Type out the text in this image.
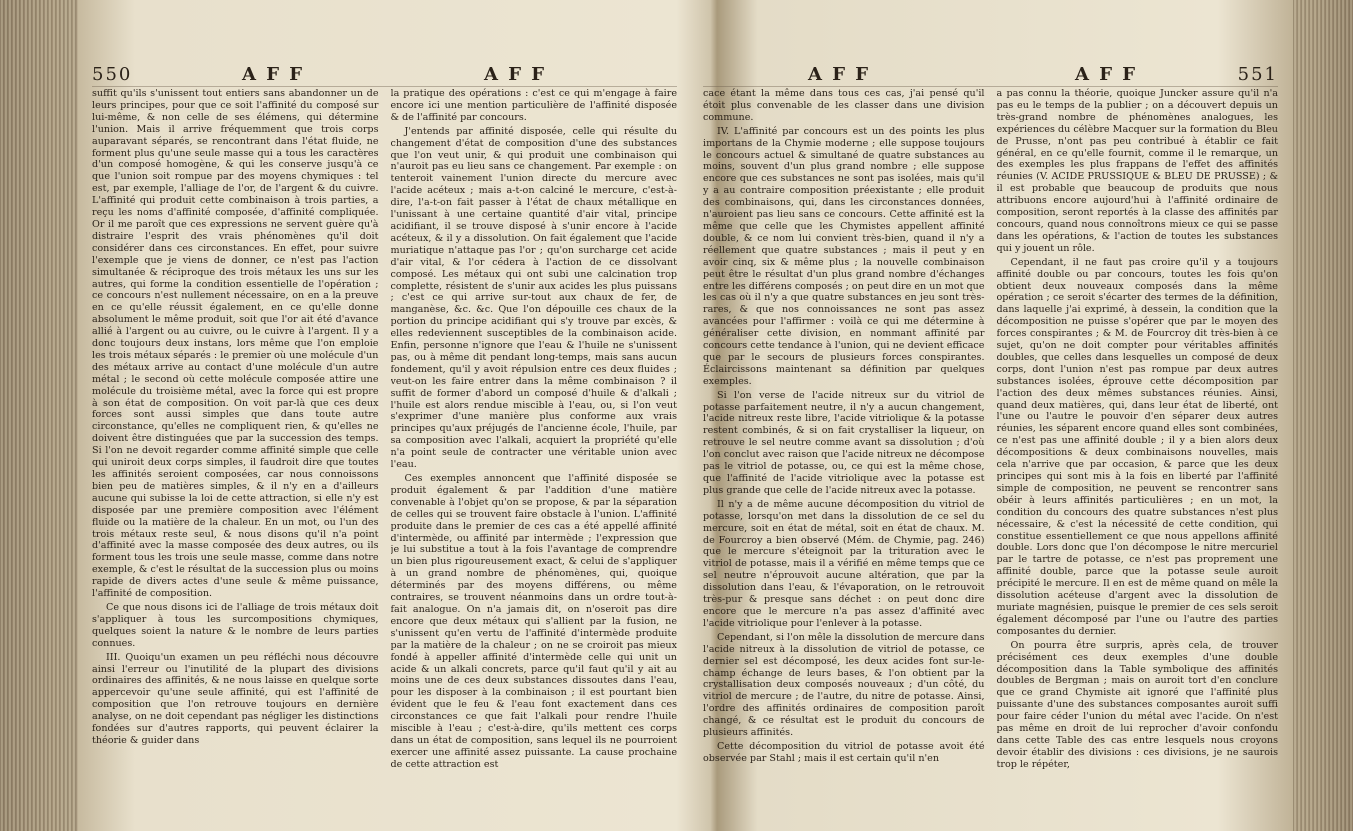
550	A F F	A F F

suffit qu'ils s'unissent tout entiers sans abandonner un de leurs principes, pour que ce soit l'affinité du composé sur lui-même, & non celle de ses élémens, qui détermine l'union. Mais il arrive fréquemment que trois corps auparavant séparés, se rencontrant dans l'état fluide, ne forment plus qu'une seule masse qui a tous les caractères d'un composé homogène, & qui les conserve jusqu'à ce que l'union soit rompue par des moyens chymiques : tel est, par exemple, l'alliage de l'or, de l'argent & du cuivre. L'affinité qui produit cette combinaison à trois parties, a reçu les noms d'affinité composée, d'affinité compliquée. Or il me paroît que ces expressions ne servent guère qu'à distraire l'esprit des vrais phénomènes qu'il doit considérer dans ces circonstances. En effet, pour suivre l'exemple que je viens de donner, ce n'est pas l'action simultanée & réciproque des trois métaux les uns sur les autres, qui forme la condition essentielle de l'opération ; ce concours n'est nullement nécessaire, on en a la preuve en ce qu'elle réussit également, en ce qu'elle donne absolument le même produit, soit que l'or ait été d'avance allié à l'argent ou au cuivre, ou le cuivre à l'argent. Il y a donc toujours deux instans, lors même que l'on emploie les trois métaux séparés : le premier où une molécule d'un des métaux arrive au contact d'une molécule d'un autre métal ; le second où cette molécule composée attire une molécule du troisième métal, avec la force qui est propre à son état de composition. On voit par-là que ces deux forces sont aussi simples que dans toute autre circonstance, qu'elles ne compliquent rien, & qu'elles ne doivent être distinguées que par la succession des temps. Si l'on ne devoit regarder comme affinité simple que celle qui uniroit deux corps simples, il faudroit dire que toutes les affinités seroient composées, car nous connoissons bien peu de matières simples, & il n'y en a d'ailleurs aucune qui subisse la loi de cette attraction, si elle n'y est disposée par une première composition avec l'élément fluide ou la matière de la chaleur. En un mot, ou l'un des trois métaux reste seul, & nous disons qu'il n'a point d'affinité avec la masse composée des deux autres, ou ils forment tous les trois une seule masse, comme dans notre exemple, & c'est le résultat de la succession plus ou moins rapide de divers actes d'une seule & même puissance, l'affinité de composition.

Ce que nous disons ici de l'alliage de trois métaux doit s'appliquer à tous les surcompositions chymiques, quelques soient la nature & le nombre de leurs parties connues.

III. Quoiqu'un examen un peu réfléchi nous découvre ainsi l'erreur ou l'inutilité de la plupart des divisions ordinaires des affinités, & ne nous laisse en quelque sorte appercevoir qu'une seule affinité, qui est l'affinité de composition que l'on retrouve toujours en dernière analyse, on ne doit cependant pas négliger les distinctions fondées sur d'autres rapports, qui peuvent éclairer la théorie & guider dans

la pratique des opérations : c'est ce qui m'engage à faire encore ici une mention particulière de l'affinité disposée & de l'affinité par concours.

J'entends par affinité disposée, celle qui résulte du changement d'état de composition d'une des substances que l'on veut unir, & qui produit une combinaison qui n'auroit pas eu lieu sans ce changement. Par exemple : on tenteroit vainement l'union directe du mercure avec l'acide acéteux ; mais a-t-on calciné le mercure, c'est-à-dire, l'a-t-on fait passer à l'état de chaux métallique en l'unissant à une certaine quantité d'air vital, principe acidifiant, il se trouve disposé à s'unir encore à l'acide acéteux, & il y a dissolution. On fait également que l'acide muriatique n'attaque pas l'or ; qu'on surcharge cet acide d'air vital, & l'or cédera à l'action de ce dissolvant composé. Les métaux qui ont subi une calcination trop complette, résistent de s'unir aux acides les plus puissans ; c'est ce qui arrive sur-tout aux chaux de fer, de manganèse, &c. &c. Que l'on dépouille ces chaux de la portion du principe acidifiant qui s'y trouve par excès, & elles redeviennent susceptibles de la combinaison acide. Enfin, personne n'ignore que l'eau & l'huile ne s'unissent pas, ou à même dit pendant long-temps, mais sans aucun fondement, qu'il y avoit répulsion entre ces deux fluides ; veut-on les faire entrer dans la même combinaison ? il suffit de former d'abord un composé d'huile & d'alkali ; l'huile est alors rendue miscible à l'eau, ou, si l'on veut s'exprimer d'une manière plus conforme aux vrais principes qu'aux préjugés de l'ancienne école, l'huile, par sa composition avec l'alkali, acquiert la propriété qu'elle n'a point seule de contracter une véritable union avec l'eau.

Ces exemples annoncent que l'affinité disposée se produit également & par l'addition d'une matière convenable à l'objet qu'on se propose, & par la séparation de celles qui se trouvent faire obstacle à l'union. L'affinité produite dans le premier de ces cas a été appellé affinité d'intermède, ou affinité par intermède ; l'expression que je lui substitue a tout à la fois l'avantage de comprendre un bien plus rigoureusement exact, & celui de s'appliquer à un grand nombre de phénomènes, qui, quoique déterminés par des moyens différens, ou même contraires, se trouvent néanmoins dans un ordre tout-à-fait analogue. On n'a jamais dit, on n'oseroit pas dire encore que deux métaux qui s'allient par la fusion, ne s'unissent qu'en vertu de l'affinité d'intermède produite par la matière de la chaleur ; on ne se croiroit pas mieux fondé à appeller affinité d'intermède celle qui unit un acide & un alkali concrets, parce qu'il faut qu'il y ait au moins une de ces deux substances dissoutes dans l'eau, pour les disposer à la combinaison ; il est pourtant bien évident que le feu & l'eau font exactement dans ces circonstances ce que fait l'alkali pour rendre l'huile miscible à l'eau ; c'est-à-dire, qu'ils mettent ces corps dans un état de composition, sans lequel ils ne pourroient exercer une affinité assez puissante. La cause prochaine de cette attraction est

A F F	A F F	551

cace étant la même dans tous ces cas, j'ai pensé qu'il étoit plus convenable de les classer dans une division commune.

IV. L'affinité par concours est un des points les plus importans de la Chymie moderne ; elle suppose toujours le concours actuel & simultané de quatre substances au moins, souvent d'un plus grand nombre ; elle suppose encore que ces substances ne sont pas isolées, mais qu'il y a au contraire composition préexistante ; elle produit des combinaisons, qui, dans les circonstances données, n'auroient pas lieu sans ce concours. Cette affinité est la même que celle que les Chymistes appellent affinité double, & ce nom lui convient très-bien, quand il n'y a réellement que quatre substances ; mais il peut y en avoir cinq, six & même plus ; la nouvelle combinaison peut être le résultat d'un plus grand nombre d'échanges entre les différens composés ; on peut dire en un mot que les cas où il n'y a que quatre substances en jeu sont très-rares, & que nos connoissances ne sont pas assez avancées pour l'affirmer : voilà ce qui me détermine à généraliser cette division, en nommant affinité par concours cette tendance à l'union, qui ne devient efficace que par le secours de plusieurs forces conspirantes. Éclaircissons maintenant sa définition par quelques exemples.

Si l'on verse de l'acide nitreux sur du vitriol de potasse parfaitement neutre, il n'y a aucun changement, l'acide nitreux reste libre, l'acide vitriolique & la potasse restent combinés, & si on fait crystalliser la liqueur, on retrouve le sel neutre comme avant sa dissolution ; d'où l'on conclut avec raison que l'acide nitreux ne décompose pas le vitriol de potasse, ou, ce qui est la même chose, que l'affinité de l'acide vitriolique avec la potasse est plus grande que celle de l'acide nitreux avec la potasse.

Il n'y a de même aucune décomposition du vitriol de potasse, lorsqu'on met dans la dissolution de ce sel du mercure, soit en état de métal, soit en état de chaux. M. de Fourcroy a bien observé (Mém. de Chymie, pag. 246) que le mercure s'éteignoit par la trituration avec le vitriol de potasse, mais il a vérifié en même temps que ce sel neutre n'éprouvoit aucune altération, que par la dissolution dans l'eau, & l'évaporation, on le retrouvoit très-pur & presque sans déchet : on peut donc dire encore que le mercure n'a pas assez d'affinité avec l'acide vitriolique pour l'enlever à la potasse.

Cependant, si l'on mêle la dissolution de mercure dans l'acide nitreux à la dissolution de vitriol de potasse, ce dernier sel est décomposé, les deux acides font sur-le-champ échange de leurs bases, & l'on obtient par la crystallisation deux composés nouveaux ; d'un côté, du vitriol de mercure ; de l'autre, du nitre de potasse. Ainsi, l'ordre des affinités ordinaires de composition paroît changé, & ce résultat est le produit du concours de plusieurs affinités.

Cette décomposition du vitriol de potasse avoit été observée par Stahl ; mais il est certain qu'il n'en

a pas connu la théorie, quoique Juncker assure qu'il n'a pas eu le temps de la publier ; on a découvert depuis un très-grand nombre de phénomènes analogues, les expériences du célèbre Macquer sur la formation du Bleu de Prusse, n'ont pas peu contribué à établir ce fait général, en ce qu'elle fournit, comme il le remarque, un des exemples les plus frappans de l'effet des affinités réunies (V. ACIDE PRUSSIQUE & BLEU DE PRUSSE) ; & il est probable que beaucoup de produits que nous attribuons encore aujourd'hui à l'affinité ordinaire de composition, seront reportés à la classe des affinités par concours, quand nous connoîtrons mieux ce qui se passe dans les opérations, & l'action de toutes les substances qui y jouent un rôle.

Cependant, il ne faut pas croire qu'il y a toujours affinité double ou par concours, toutes les fois qu'on obtient deux nouveaux composés dans la même opération ; ce seroit s'écarter des termes de la définition, dans laquelle j'ai exprimé, à dessein, la condition que la décomposition ne puisse s'opérer que par le moyen des forces conspirantes ; & M. de Fourcroy dit très-bien à ce sujet, qu'on ne doit compter pour véritables affinités doubles, que celles dans lesquelles un composé de deux corps, dont l'union n'est pas rompue par deux autres substances isolées, éprouve cette décomposition par l'action des deux mêmes substances réunies. Ainsi, quand deux matières, qui, dans leur état de liberté, ont l'une ou l'autre le pouvoir d'en séparer deux autres réunies, les séparent encore quand elles sont combinées, ce n'est pas une affinité double ; il y a bien alors deux décompositions & deux combinaisons nouvelles, mais cela n'arrive que par occasion, & parce que les deux principes qui sont mis à la fois en liberté par l'affinité simple de composition, ne peuvent se rencontrer sans obéir à leurs affinités particulières ; en un mot, la condition du concours des quatre substances n'est plus nécessaire, & c'est la nécessité de cette condition, qui constitue essentiellement ce que nous appellons affinité double. Lors donc que l'on décompose le nitre mercuriel par le tartre de potasse, ce n'est pas proprement une affinité double, parce que la potasse seule auroit précipité le mercure. Il en est de même quand on mêle la dissolution acéteuse d'argent avec la dissolution de muriate magnésien, puisque le premier de ces sels seroit également décomposé par l'une ou l'autre des parties composantes du dernier.

On pourra être surpris, après cela, de trouver précisément ces deux exemples d'une double décomposition dans la Table symbolique des affinités doubles de Bergman ; mais on auroit tort d'en conclure que ce grand Chymiste ait ignoré que l'affinité plus puissante d'une des substances composantes auroit suffi pour faire céder l'union du métal avec l'acide. On n'est pas même en droit de lui reprocher d'avoir confondu dans cette Table des cas entre lesquels nous croyons devoir établir des divisions : ces divisions, je ne saurois trop le répéter,
